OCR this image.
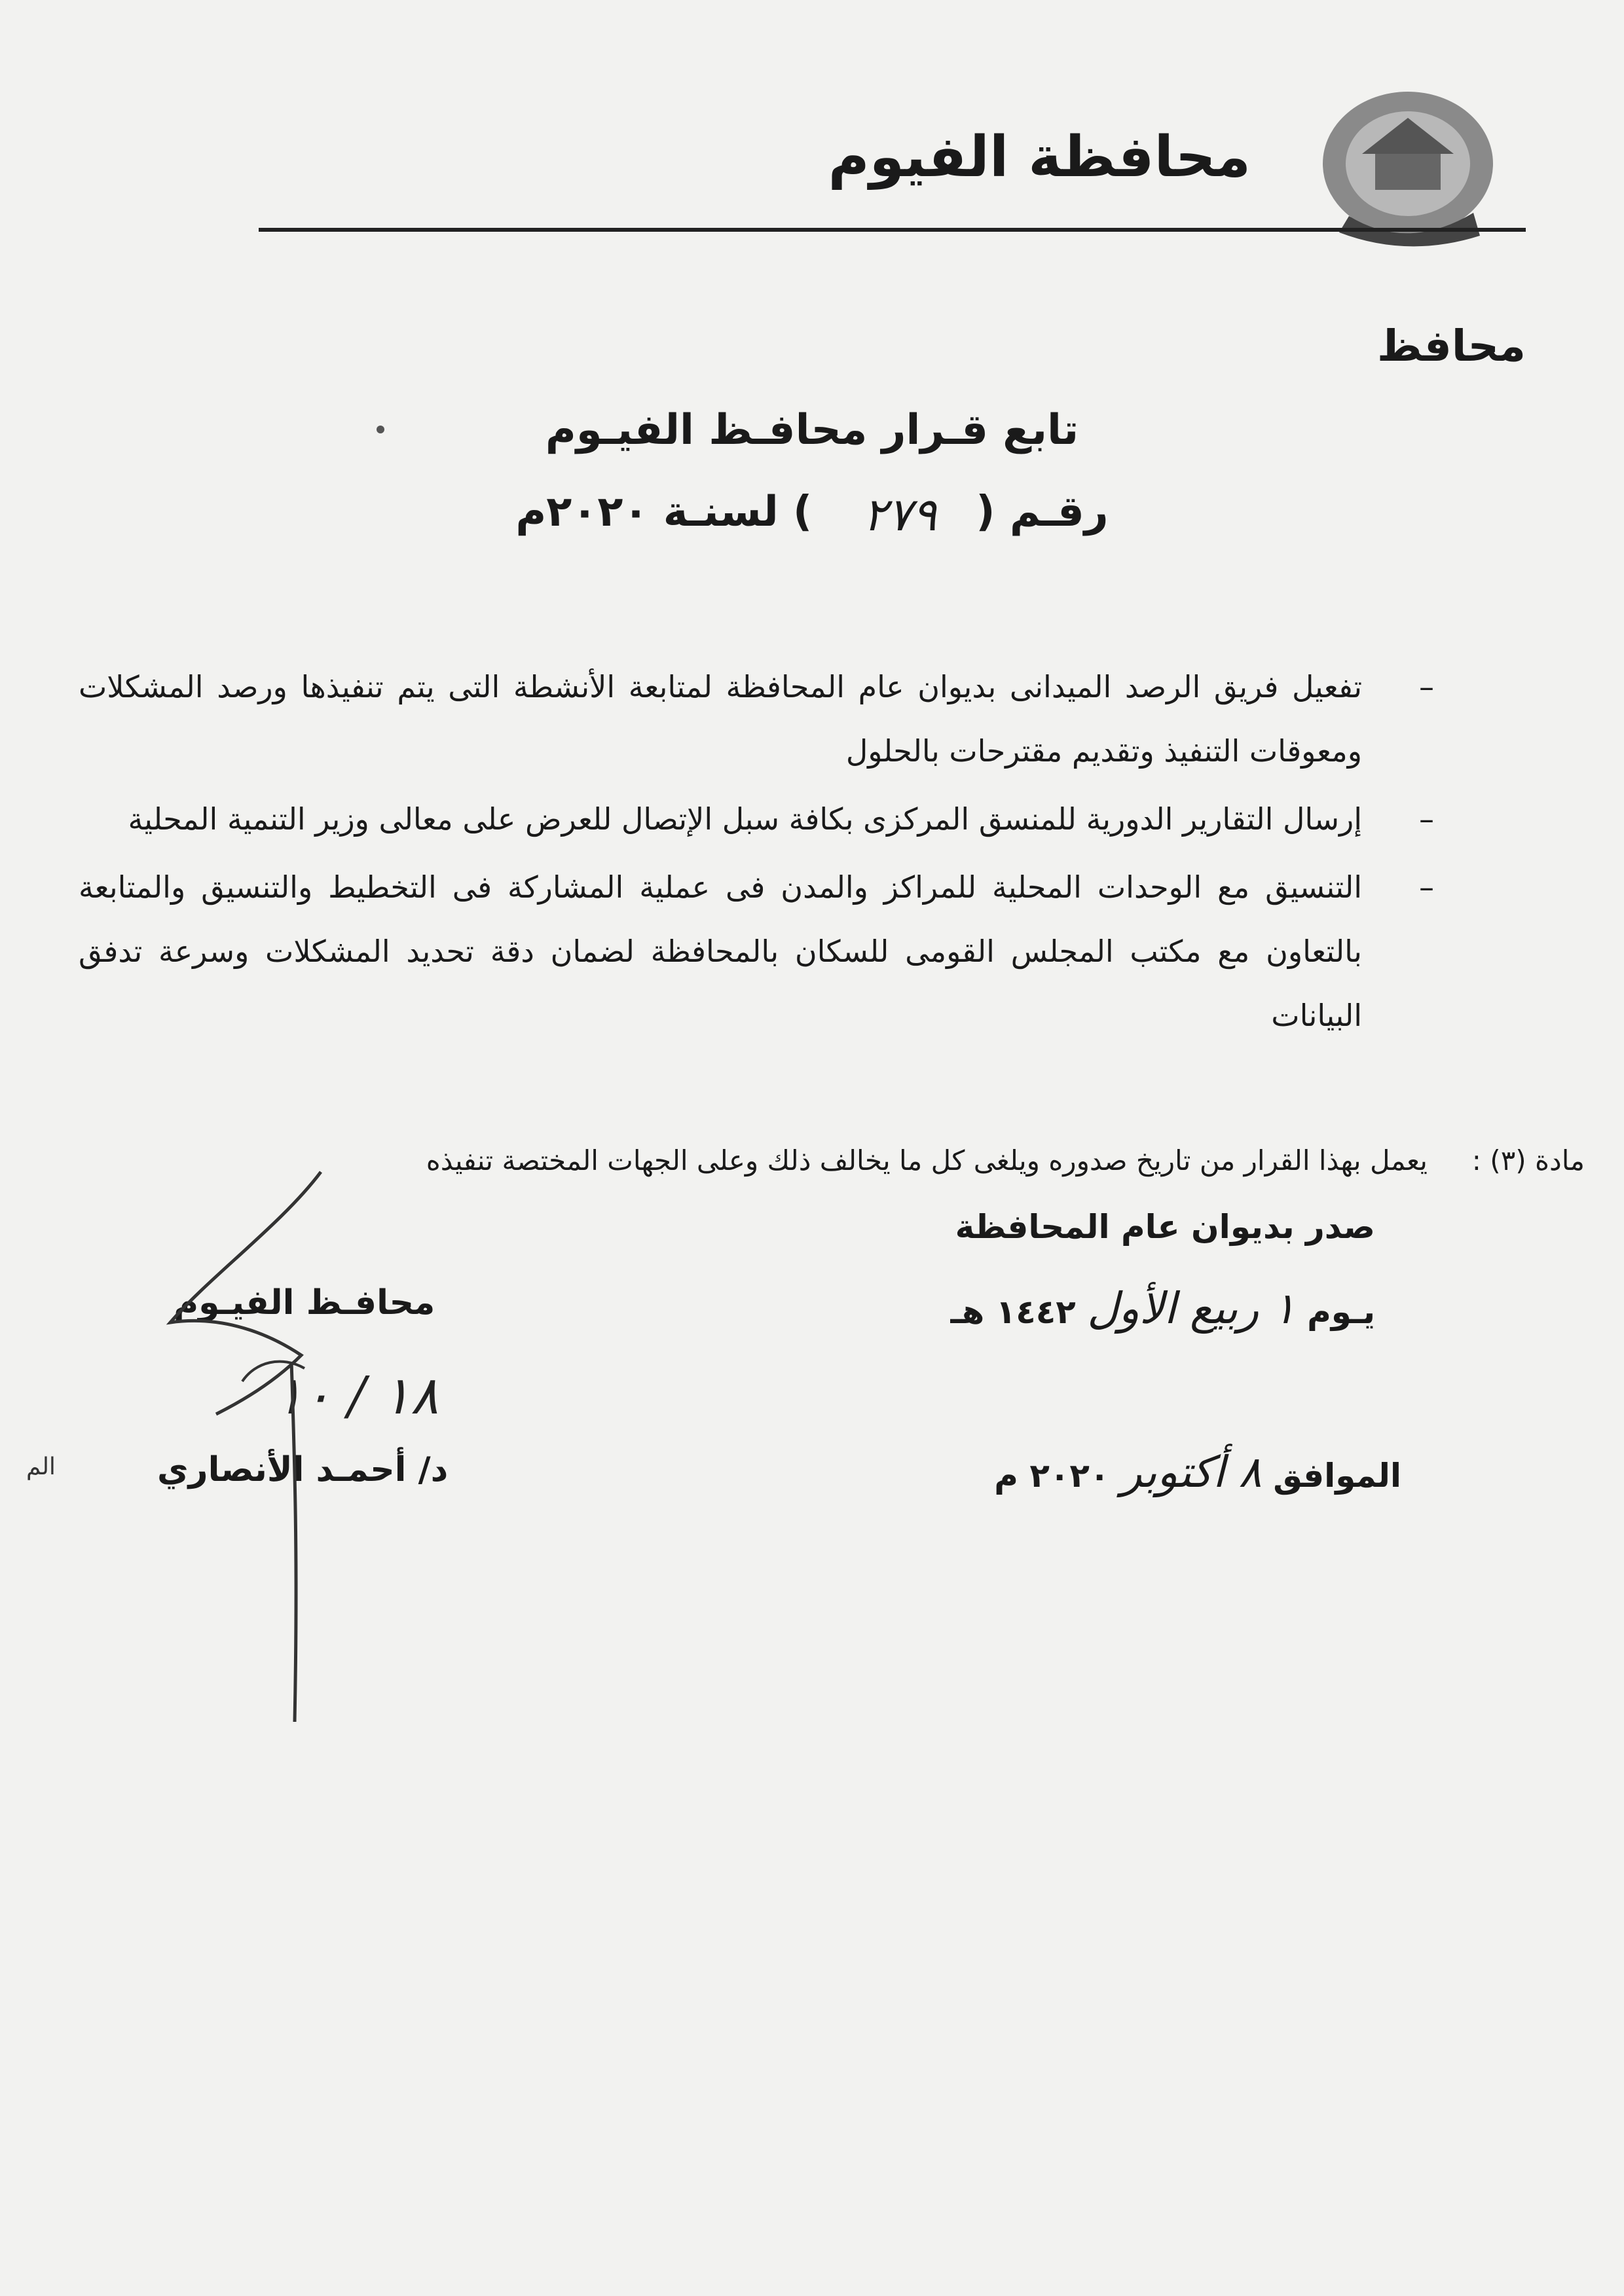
محافظة الفيوم
محافظ
تابع قـرار محافـظ الفيـوم
رقـم (
٢٧٩
) لسنـة ٢٠٢٠م
–
تفعيل فريق الرصد الميدانى بديوان عام المحافظة لمتابعة الأنشطة التى يتم تنفيذها ورصد المشكلات ومعوقات التنفيذ وتقديم مقترحات بالحلول
–
إرسال التقارير الدورية للمنسق المركزى بكافة سبل الإتصال للعرض على معالى وزير التنمية المحلية
–
التنسيق مع الوحدات المحلية للمراكز والمدن فى عملية المشاركة فى التخطيط والتنسيق والمتابعة بالتعاون مع مكتب المجلس القومى للسكان بالمحافظة لضمان دقة تحديد المشكلات وسرعة تدفق البيانات
مادة (٣) :
يعمل بهذا القرار من تاريخ صدوره ويلغى كل ما يخالف ذلك وعلى الجهات المختصة تنفيذه
صدر بديوان عام المحافظة
يـوم ١ ربيع الأول ١٤٤٢ هـ
الموافق ٨ أكتوبر ٢٠٢٠ م
محافـظ الفيـوم
١٨ / ١٠
د/ أحمـد الأنصاري
الم
